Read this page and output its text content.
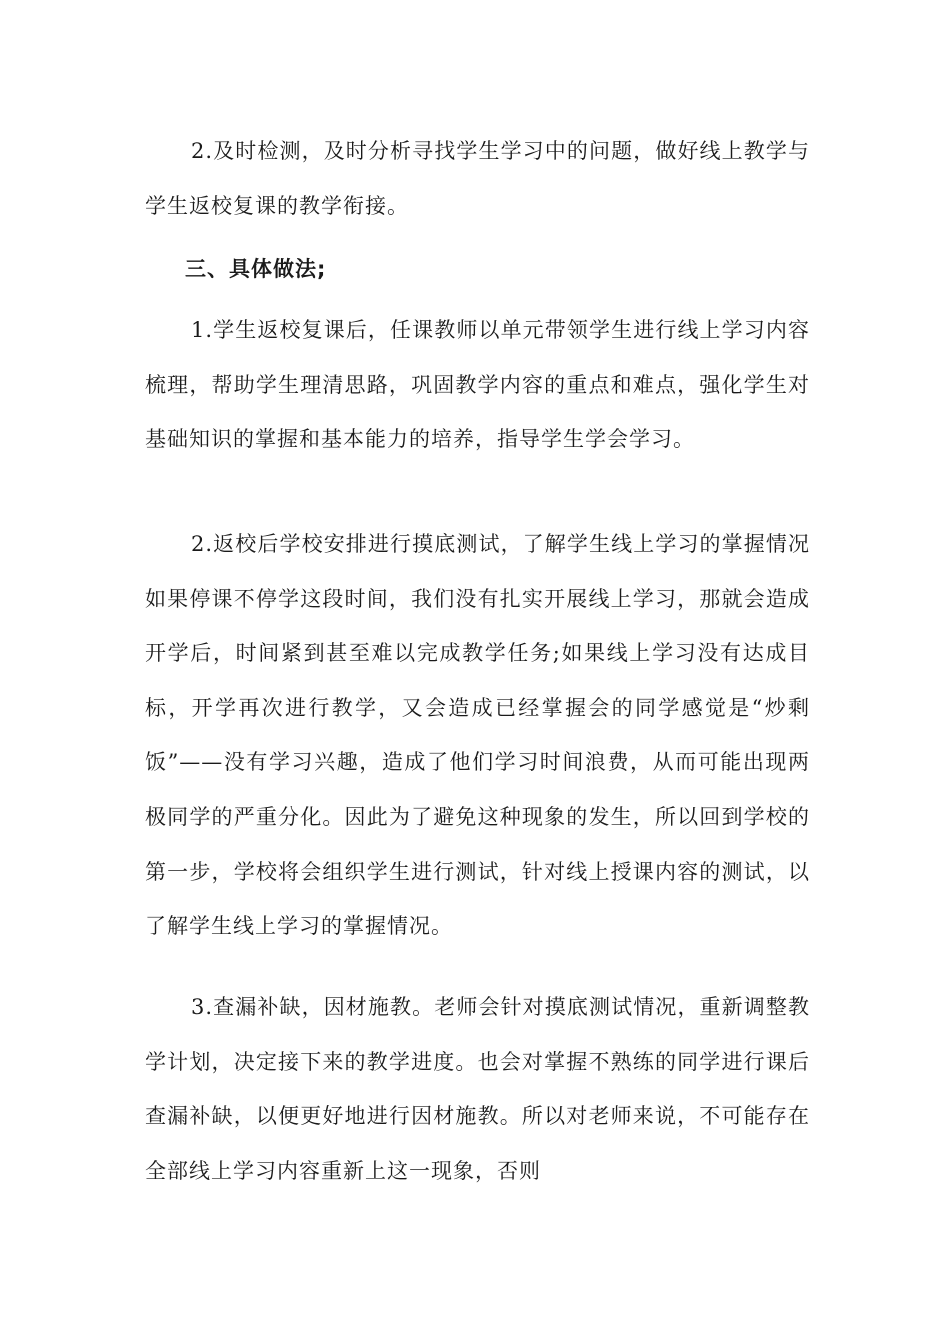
2.及时检测，及时分析寻找学生学习中的问题，做好线上教学与学生返校复课的教学衔接。

三、具体做法;

1.学生返校复课后，任课教师以单元带领学生进行线上学习内容梳理，帮助学生理清思路，巩固教学内容的重点和难点，强化学生对基础知识的掌握和基本能力的培养，指导学生学会学习。

2.返校后学校安排进行摸底测试，了解学生线上学习的掌握情况如果停课不停学这段时间，我们没有扎实开展线上学习，那就会造成开学后，时间紧到甚至难以完成教学任务;如果线上学习没有达成目标，开学再次进行教学，又会造成已经掌握会的同学感觉是“炒剩饭”——没有学习兴趣，造成了他们学习时间浪费，从而可能出现两极同学的严重分化。因此为了避免这种现象的发生，所以回到学校的第一步，学校将会组织学生进行测试，针对线上授课内容的测试，以了解学生线上学习的掌握情况。

3.查漏补缺，因材施教。老师会针对摸底测试情况，重新调整教学计划，决定接下来的教学进度。也会对掌握不熟练的同学进行课后查漏补缺，以便更好地进行因材施教。所以对老师来说，不可能存在全部线上学习内容重新上这一现象，否则
